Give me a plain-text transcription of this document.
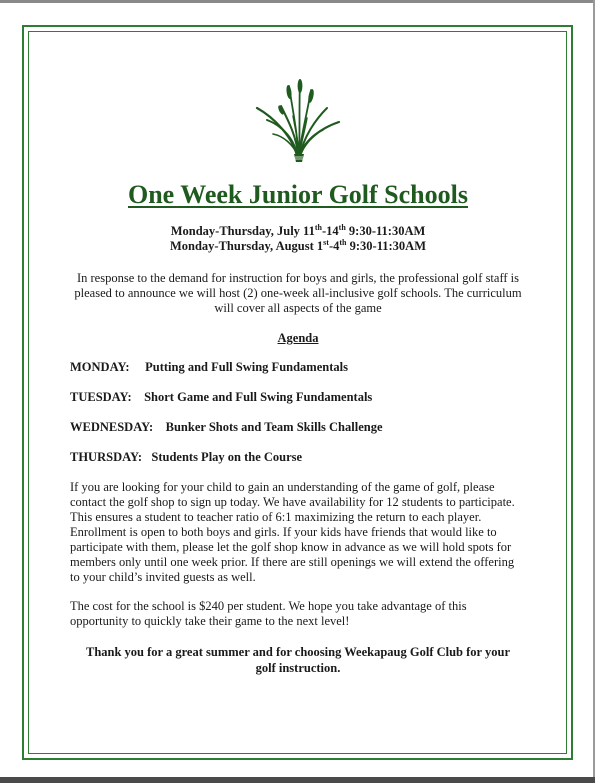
One Week Junior Golf Schools
Monday-Thursday, July 11th-14th 9:30-11:30AM
Monday-Thursday, August 1st-4th 9:30-11:30AM
In response to the demand for instruction for boys and girls, the professional golf staff is pleased to announce we will host (2) one-week all-inclusive golf schools. The curriculum will cover all aspects of the game
Agenda
MONDAY: Putting and Full Swing Fundamentals
TUESDAY: Short Game and Full Swing Fundamentals
WEDNESDAY: Bunker Shots and Team Skills Challenge
THURSDAY: Students Play on the Course
If you are looking for your child to gain an understanding of the game of golf, please contact the golf shop to sign up today. We have availability for 12 students to participate. This ensures a student to teacher ratio of 6:1 maximizing the return to each player. Enrollment is open to both boys and girls. If your kids have friends that would like to participate with them, please let the golf shop know in advance as we will hold spots for members only until one week prior. If there are still openings we will extend the offering to your child’s invited guests as well.
The cost for the school is $240 per student. We hope you take advantage of this opportunity to quickly take their game to the next level!
Thank you for a great summer and for choosing Weekapaug Golf Club for your golf instruction.
